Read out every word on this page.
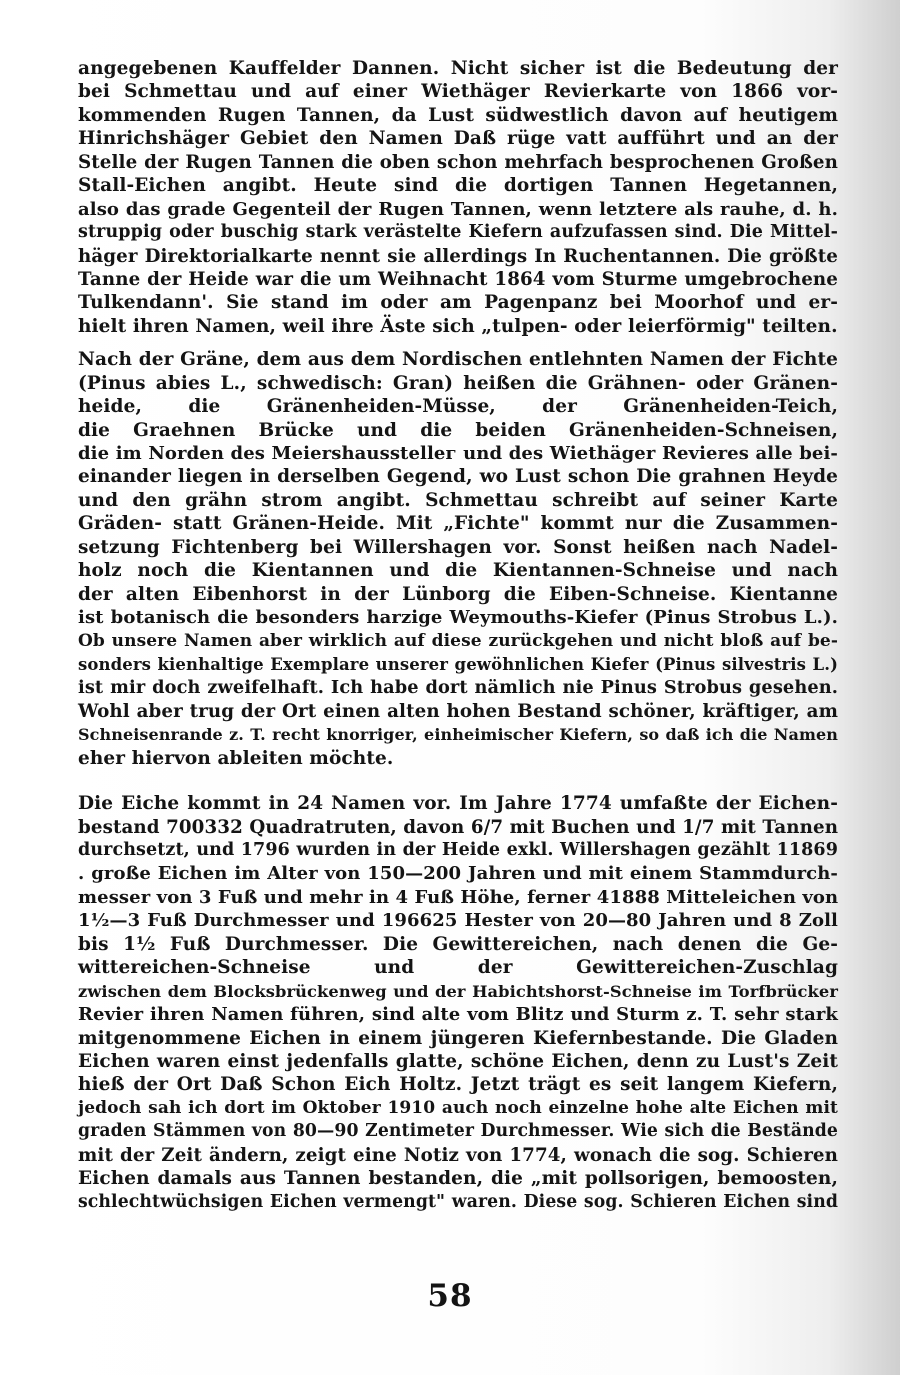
angegebenen Kauffelder Dannen. Nicht sicher ist die Bedeutung der
bei Schmettau und auf einer Wiethäger Revierkarte von 1866 vor-
kommenden Rugen Tannen, da Lust südwestlich davon auf heutigem
Hinrichshäger Gebiet den Namen Daß rüge vatt aufführt und an der
Stelle der Rugen Tannen die oben schon mehrfach besprochenen Großen
Stall-Eichen angibt. Heute sind die dortigen Tannen Hegetannen,
also das grade Gegenteil der Rugen Tannen, wenn letztere als rauhe, d. h.
struppig oder buschig stark verästelte Kiefern aufzufassen sind. Die Mittel-
häger Direktorialkarte nennt sie allerdings In Ruchentannen. Die größte
Tanne der Heide war die um Weihnacht 1864 vom Sturme umgebrochene
Tulkendann'. Sie stand im oder am Pagenpanz bei Moorhof und er-
hielt ihren Namen, weil ihre Äste sich „tulpen- oder leierförmig" teilten.
Nach der Gräne, dem aus dem Nordischen entlehnten Namen der Fichte
(Pinus abies L., schwedisch: Gran) heißen die Grähnen- oder Gränen-
heide, die Gränenheiden-Müsse, der Gränenheiden-Teich,
die Graehnen Brücke und die beiden Gränenheiden-Schneisen,
die im Norden des Meiershausstellег und des Wiethäger Revieres alle bei-
einander liegen in derselben Gegend, wo Lust schon Die grahnen Heyde
und den grähn strom angibt. Schmettau schreibt auf seiner Karte
Gräden- statt Gränen-Heide. Mit „Fichte" kommt nur die Zusammen-
setzung Fichtenberg bei Willershagen vor. Sonst heißen nach Nadel-
holz noch die Kientannen und die Kientannen-Schneise und nach
der alten Eibenhorst in der Lünborg die Eiben-Schneise. Kientanne
ist botanisch die besonders harzige Weymouths-Kiefer (Pinus Strobus L.).
Ob unsere Namen aber wirklich auf diese zurückgehen und nicht bloß auf be-
sonders kienhaltige Exemplare unserer gewöhnlichen Kiefer (Pinus silvestris L.)
ist mir doch zweifelhaft. Ich habe dort nämlich nie Pinus Strobus gesehen.
Wohl aber trug der Ort einen alten hohen Bestand schöner, kräftiger, am
Schneisenrande z. T. recht knorriger, einheimischer Kiefern, so daß ich die Namen
eher hiervon ableiten möchte.
Die Eiche kommt in 24 Namen vor. Im Jahre 1774 umfaßte der Eichen-
bestand 700332 Quadratruten, davon 6/7 mit Buchen und 1/7 mit Tannen
durchsetzt, und 1796 wurden in der Heide exkl. Willershagen gezählt 11869
. große Eichen im Alter von 150—200 Jahren und mit einem Stammdurch-
messer von 3 Fuß und mehr in 4 Fuß Höhe, ferner 41888 Mitteleichen von
1½—3 Fuß Durchmesser und 196625 Hester von 20—80 Jahren und 8 Zoll
bis 1½ Fuß Durchmesser. Die Gewittereichen, nach denen die Ge-
wittereichen-Schneise und der Gewittereichen-Zuschlag
zwischen dem Blocksbrückenweg und der Habichtshorst-Schneise im Torfbrücker
Revier ihren Namen führen, sind alte vom Blitz und Sturm z. T. sehr stark
mitgenommene Eichen in einem jüngeren Kiefernbestande. Die Gladen
Eichen waren einst jedenfalls glatte, schöne Eichen, denn zu Lust's Zeit
hieß der Ort Daß Schon Eich Holtz. Jetzt trägt es seit langem Kiefern,
jedoch sah ich dort im Oktober 1910 auch noch einzelne hohe alte Eichen mit
graden Stämmen von 80—90 Zentimeter Durchmesser. Wie sich die Bestände
mit der Zeit ändern, zeigt eine Notiz von 1774, wonach die sog. Schieren
Eichen damals aus Tannen bestanden, die „mit pollsorigen, bemoosten,
schlechtwüchsigen Eichen vermengt" waren. Diese sog. Schieren Eichen sind
58
